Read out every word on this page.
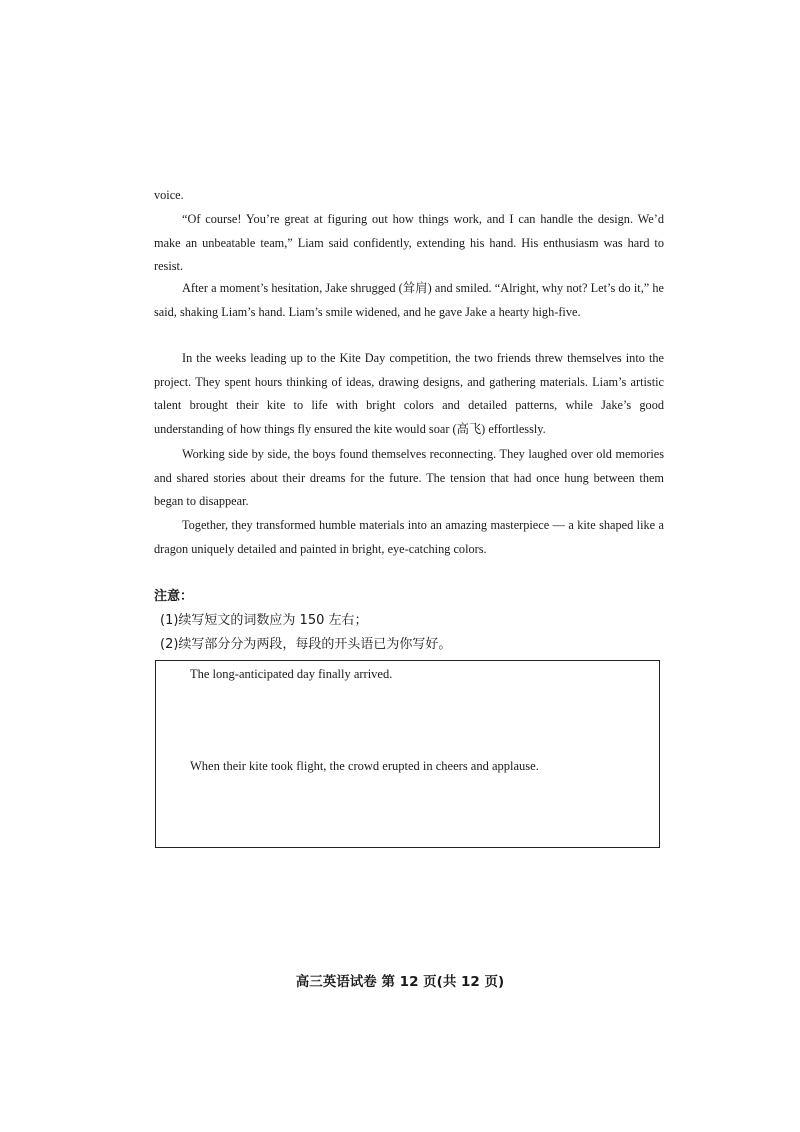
voice.

“Of course! You’re great at figuring out how things work, and I can handle the design. We’d make an unbeatable team,” Liam said confidently, extending his hand. His enthusiasm was hard to resist.

After a moment’s hesitation, Jake shrugged (耸肩) and smiled. “Alright, why not? Let’s do it,” he said, shaking Liam’s hand. Liam’s smile widened, and he gave Jake a hearty high-five.

In the weeks leading up to the Kite Day competition, the two friends threw themselves into the project. They spent hours thinking of ideas, drawing designs, and gathering materials. Liam’s artistic talent brought their kite to life with bright colors and detailed patterns, while Jake’s good understanding of how things fly ensured the kite would soar (高飞) effortlessly.

Working side by side, the boys found themselves reconnecting. They laughed over old memories and shared stories about their dreams for the future. The tension that had once hung between them began to disappear.

Together, they transformed humble materials into an amazing masterpiece — a kite shaped like a dragon uniquely detailed and painted in bright, eye-catching colors.

注意：
(1)续写短文的词数应为 150 左右；
(2)续写部分分为两段，每段的开头语已为你写好。
The long-anticipated day finally arrived.
When their kite took flight, the crowd erupted in cheers and applause.
高三英语试卷 第 12 页(共 12 页)
